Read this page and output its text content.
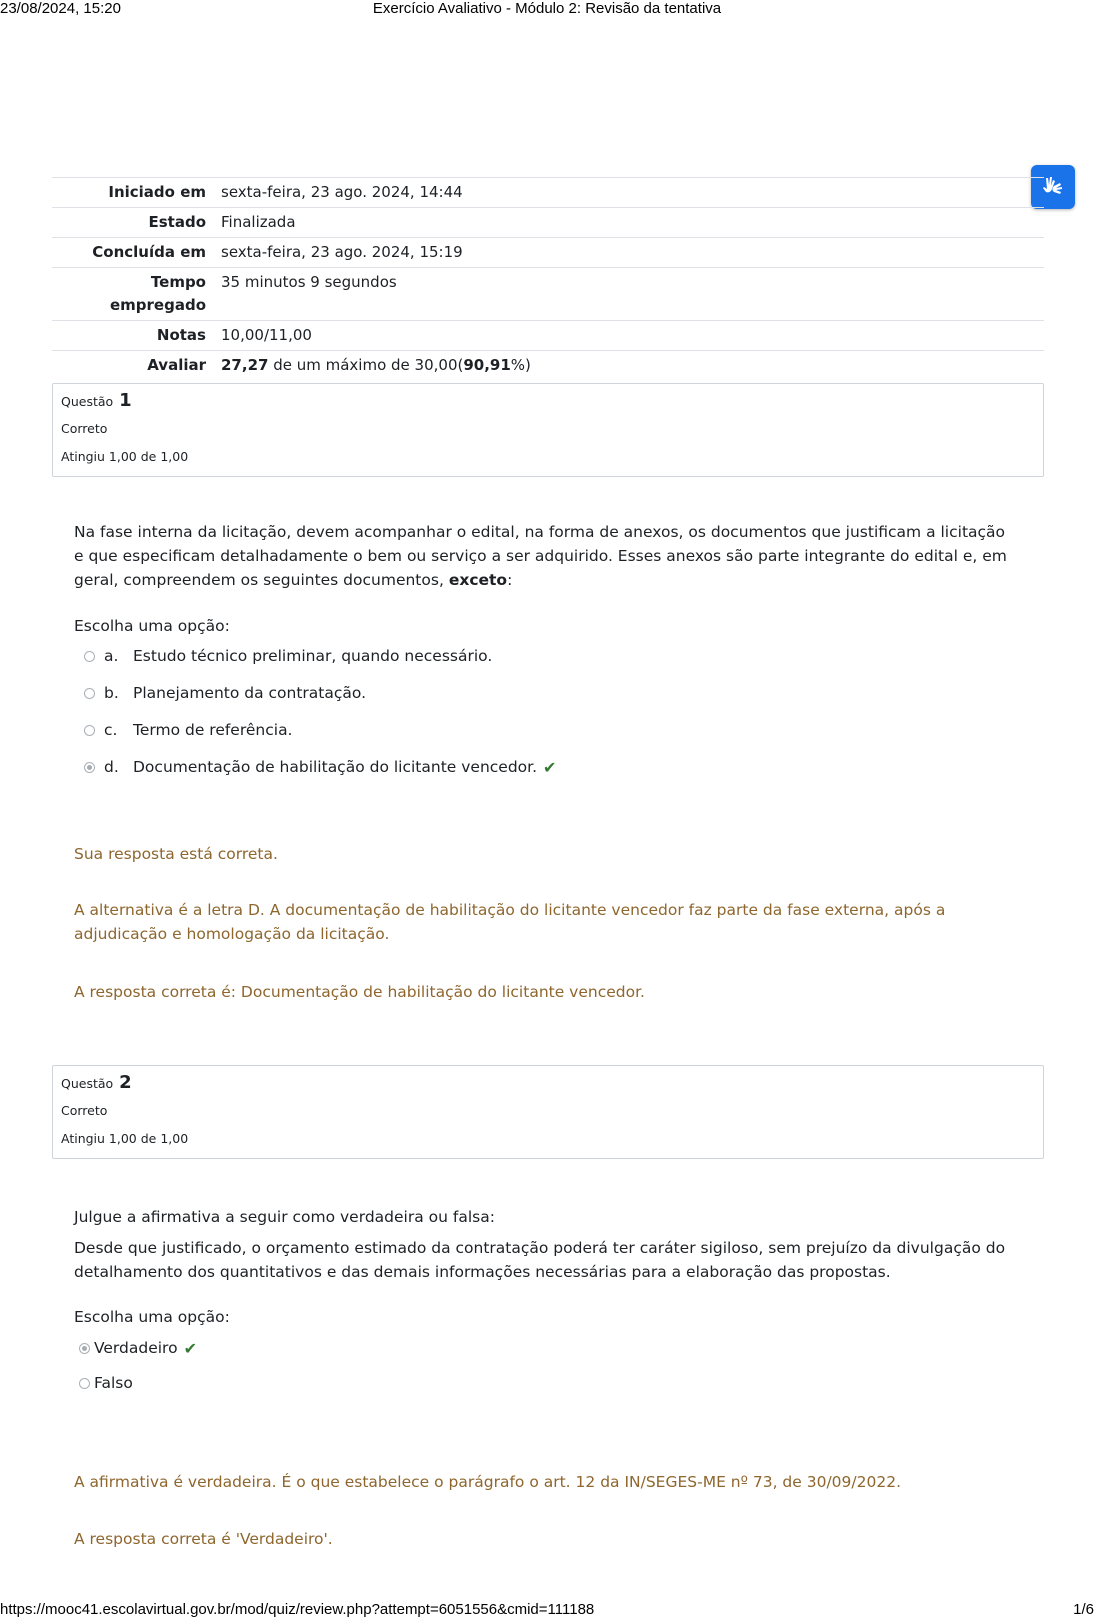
23/08/2024, 15:20	Exercício Avaliativo - Módulo 2: Revisão da tentativa
Iniciado em	sexta-feira, 23 ago. 2024, 14:44
Estado	Finalizada
Concluída em	sexta-feira, 23 ago. 2024, 15:19
Tempo empregado	35 minutos 9 segundos
Notas	10,00/11,00
Avaliar	27,27 de um máximo de 30,00(90,91%)
Questão 1
Correto
Atingiu 1,00 de 1,00
Na fase interna da licitação, devem acompanhar o edital, na forma de anexos, os documentos que justificam a licitação e que especificam detalhadamente o bem ou serviço a ser adquirido. Esses anexos são parte integrante do edital e, em geral, compreendem os seguintes documentos, exceto:
Escolha uma opção:
a. Estudo técnico preliminar, quando necessário.
b. Planejamento da contratação.
c.	Termo de referência.
d. Documentação de habilitação do licitante vencedor. ✔
Sua resposta está correta.
A alternativa é a letra D. A documentação de habilitação do licitante vencedor faz parte da fase externa, após a adjudicação e homologação da licitação.
A resposta correta é: Documentação de habilitação do licitante vencedor.
Questão 2
Correto
Atingiu 1,00 de 1,00
Julgue a afirmativa a seguir como verdadeira ou falsa:
Desde que justificado, o orçamento estimado da contratação poderá ter caráter sigiloso, sem prejuízo da divulgação do detalhamento dos quantitativos e das demais informações necessárias para a elaboração das propostas.
Escolha uma opção:
Verdadeiro ✔
Falso
A afirmativa é verdadeira. É o que estabelece o parágrafo o art. 12 da IN/SEGES-ME nº 73, de 30/09/2022.
A resposta correta é 'Verdadeiro'.
https://mooc41.escolavirtual.gov.br/mod/quiz/review.php?attempt=6051556&cmid=111188	1/6
